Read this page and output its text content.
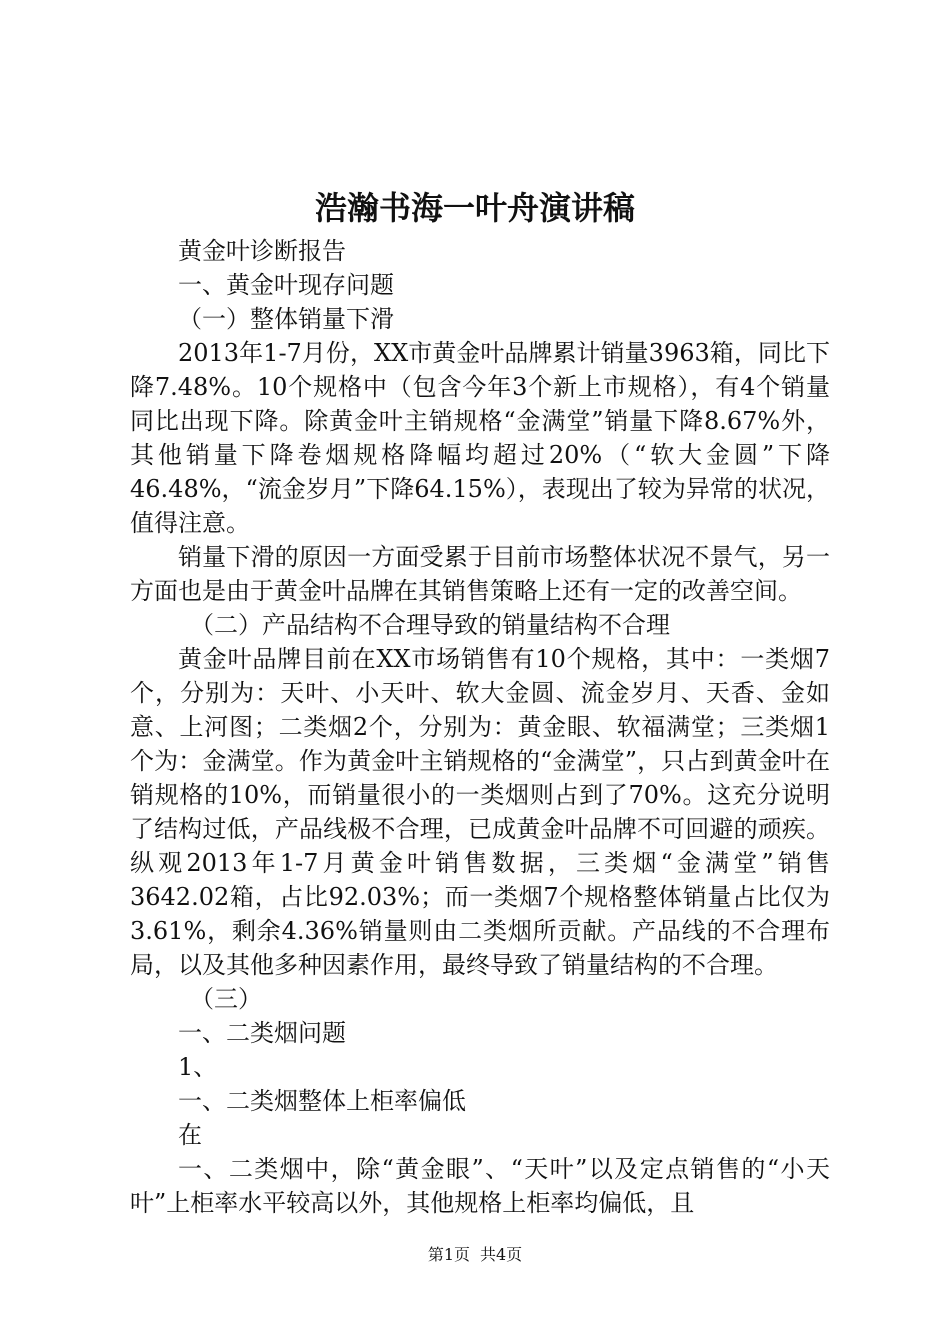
浩瀚书海一叶舟演讲稿

黄金叶诊断报告

一、黄金叶现存问题

（一）整体销量下滑

2013年1-7月份，XX市黄金叶品牌累计销量3963箱，同比下降7.48%。10个规格中（包含今年3个新上市规格），有4个销量同比出现下降。除黄金叶主销规格“金满堂”销量下降8.67%外，其他销量下降卷烟规格降幅均超过20%（“软大金圆”下降46.48%，“流金岁月”下降64.15%），表现出了较为异常的状况，值得注意。

销量下滑的原因一方面受累于目前市场整体状况不景气，另一方面也是由于黄金叶品牌在其销售策略上还有一定的改善空间。

（二）产品结构不合理导致的销量结构不合理

黄金叶品牌目前在XX市场销售有10个规格，其中：一类烟7个，分别为：天叶、小天叶、软大金圆、流金岁月、天香、金如意、上河图；二类烟2个，分别为：黄金眼、软福满堂；三类烟1个为：金满堂。作为黄金叶主销规格的“金满堂”，只占到黄金叶在销规格的10%，而销量很小的一类烟则占到了70%。这充分说明了结构过低，产品线极不合理，已成黄金叶品牌不可回避的顽疾。纵观2013年1-7月黄金叶销售数据，三类烟“金满堂”销售3642.02箱，占比92.03%；而一类烟7个规格整体销量占比仅为3.61%，剩余4.36%销量则由二类烟所贡献。产品线的不合理布局，以及其他多种因素作用，最终导致了销量结构的不合理。

（三）

一、二类烟问题

1、

一、二类烟整体上柜率偏低

在

一、二类烟中，除“黄金眼”、“天叶”以及定点销售的“小天叶”上柜率水平较高以外，其他规格上柜率均偏低，且

第1页 共4页
